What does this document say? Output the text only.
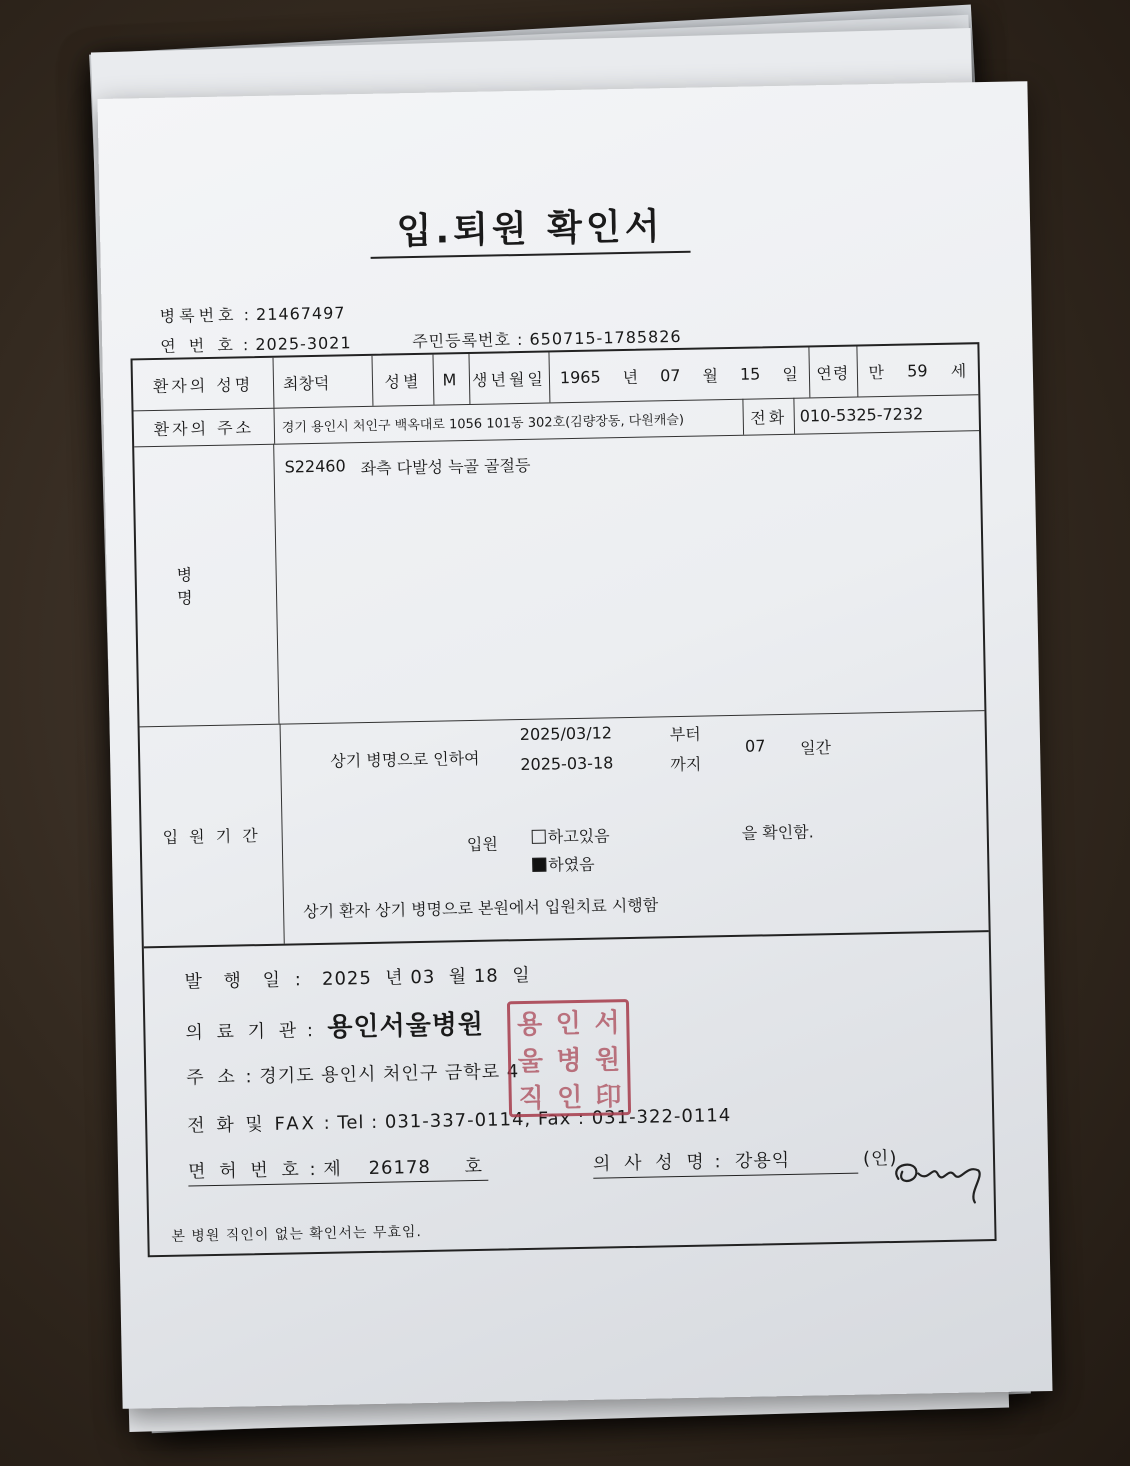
입.퇴원 확인서
병록번호 : 21467497
연 번 호 : 2025-3021	주민등록번호 : 650715-1785826
환자의 성명	최창덕	성별	M 생년월일 1965 년 07 월 15 일	연령	만 59 세
환자의 주소	경기 용인시 처인구 백옥대로 1056 101동 302호(김량장동, 다원캐슬)	전화 010-5325-7232
병 명
S22460 좌측 다발성 늑골 골절등
입 원 기 간
상기 병명으로 인하여
2025/03/12	부터
2025-03-18	까지
07 일간
입원	하고있음
하였음
을 확인함.
상기 환자 상기 병명으로 본원에서 입원치료 시행함
발 행 일 :   2025 년 03 월 18 일
의 료 기 관 :  용인서울병원
주 소 : 경기도 용인시 처인구 금학로 4
전 화 및 FAX : Tel : 031-337-0114, Fax : 031-322-0114
면 허 번 호 : 제 26178 호	의 사 성 명 :  강용익	(인)
본 병원 직인이 없는 확인서는 무효임.
용 인 서
울 병 원
직 인 印
